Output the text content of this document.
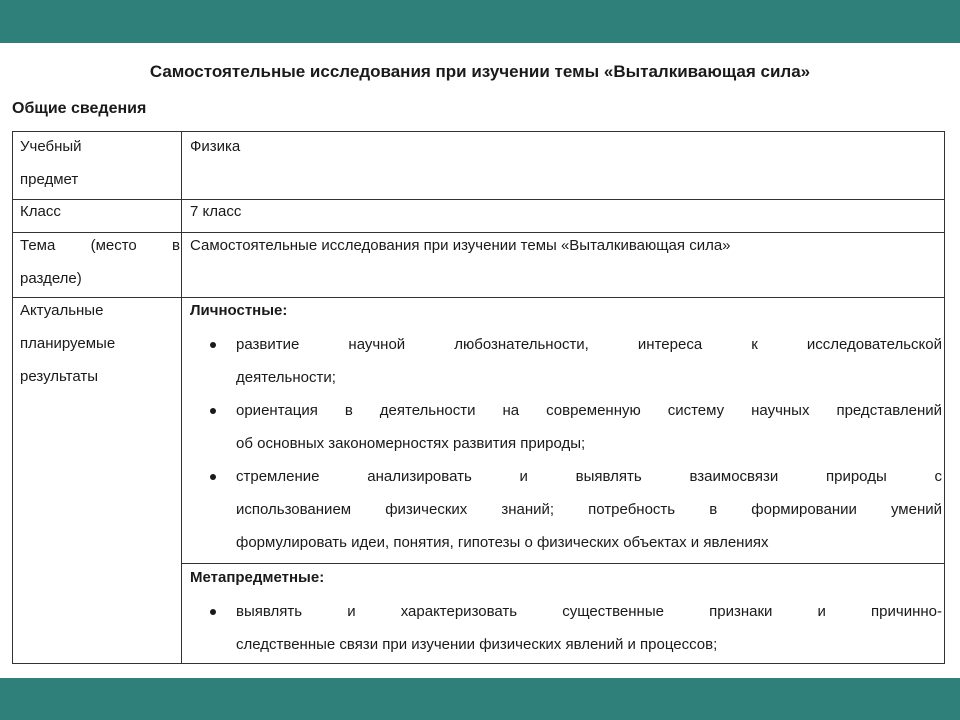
Самостоятельные исследования при изучении темы «Выталкивающая сила»
Общие сведения
Учебный
предмет
Физика
Класс	7 класс
Тема (место в
разделе)
Самостоятельные исследования при изучении темы «Выталкивающая сила»
Актуальные
планируемые
результаты
Личностные:
развитие научной любознательности, интереса к исследовательской
деятельности;
ориентация в деятельности на современную систему научных представлений
об основных закономерностях развития природы;
стремление анализировать и выявлять взаимосвязи природы с
использованием физических знаний; потребность в формировании умений
формулировать идеи, понятия, гипотезы о физических объектах и явлениях
Метапредметные:
выявлять и характеризовать существенные признаки и причинно-
следственные связи при изучении физических явлений и процессов;
